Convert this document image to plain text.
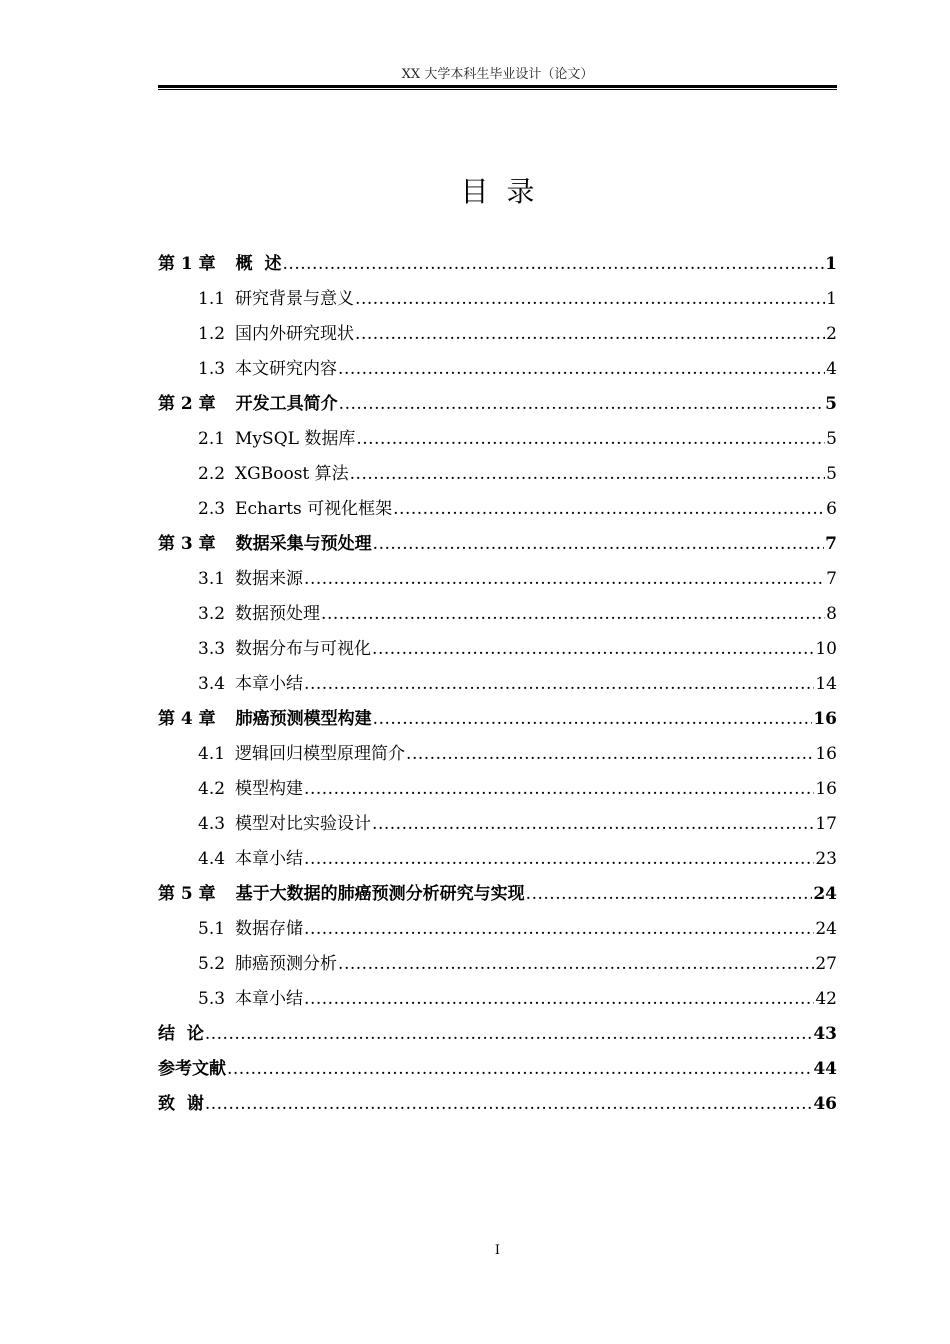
XX 大学本科生毕业设计（论文）
目录
第 1 章 概  述 .....	1
1.1 研究背景与意义 .....	1
1.2 国内外研究现状 .....	2
1.3 本文研究内容 .....	4
第 2 章 开发工具简介 .....	5
2.1 MySQL 数据库 .....	5
2.2 XGBoost 算法 .....	5
2.3 Echarts 可视化框架 .....	6
第 3 章 数据采集与预处理 .....	7
3.1 数据来源 .....	7
3.2 数据预处理 .....	8
3.3 数据分布与可视化 .....	10
3.4 本章小结 .....	14
第 4 章 肺癌预测模型构建 .....	16
4.1 逻辑回归模型原理简介 .....	16
4.2 模型构建 .....	16
4.3 模型对比实验设计 .....	17
4.4 本章小结 .....	23
第 5 章 基于大数据的肺癌预测分析研究与实现 .....	24
5.1 数据存储 .....	24
5.2 肺癌预测分析 .....	27
5.3 本章小结 .....	42
结  论 .....	43
参考文献 .....	44
致  谢 .....	46
I
